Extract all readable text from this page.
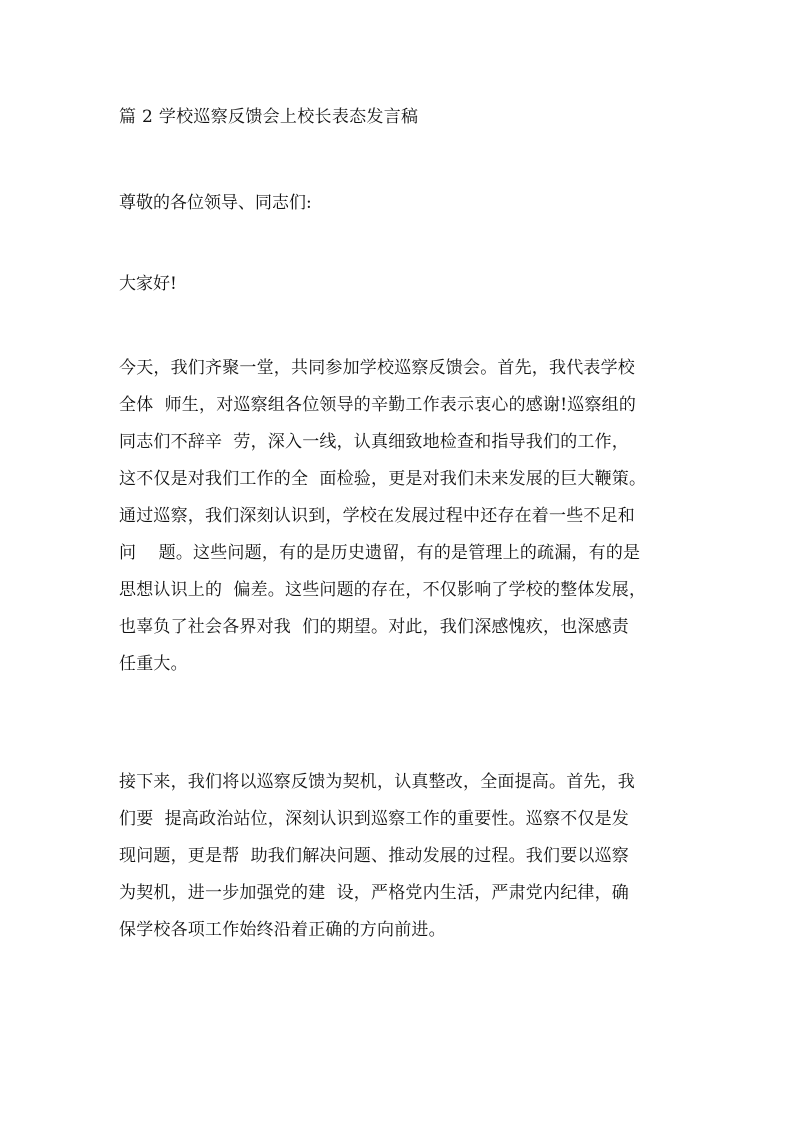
篇 2 学校巡察反馈会上校长表态发言稿
尊敬的各位领导、同志们:
大家好!
今天，我们齐聚一堂，共同参加学校巡察反馈会。首先，我代表学校
全体  师生，对巡察组各位领导的辛勤工作表示衷心的感谢!巡察组的
同志们不辞辛  劳，深入一线，认真细致地检查和指导我们的工作，
这不仅是对我们工作的全  面检验，更是对我们未来发展的巨大鞭策。
通过巡察，我们深刻认识到，学校在发展过程中还存在着一些不足和
问    题。这些问题，有的是历史遗留，有的是管理上的疏漏，有的是
思想认识上的  偏差。这些问题的存在，不仅影响了学校的整体发展，
也辜负了社会各界对我  们的期望。对此，我们深感愧疚，也深感责
任重大。
接下来，我们将以巡察反馈为契机，认真整改，全面提高。首先，我
们要  提高政治站位，深刻认识到巡察工作的重要性。巡察不仅是发
现问题，更是帮  助我们解决问题、推动发展的过程。我们要以巡察
为契机，进一步加强党的建  设，严格党内生活，严肃党内纪律，确
保学校各项工作始终沿着正确的方向前进。
